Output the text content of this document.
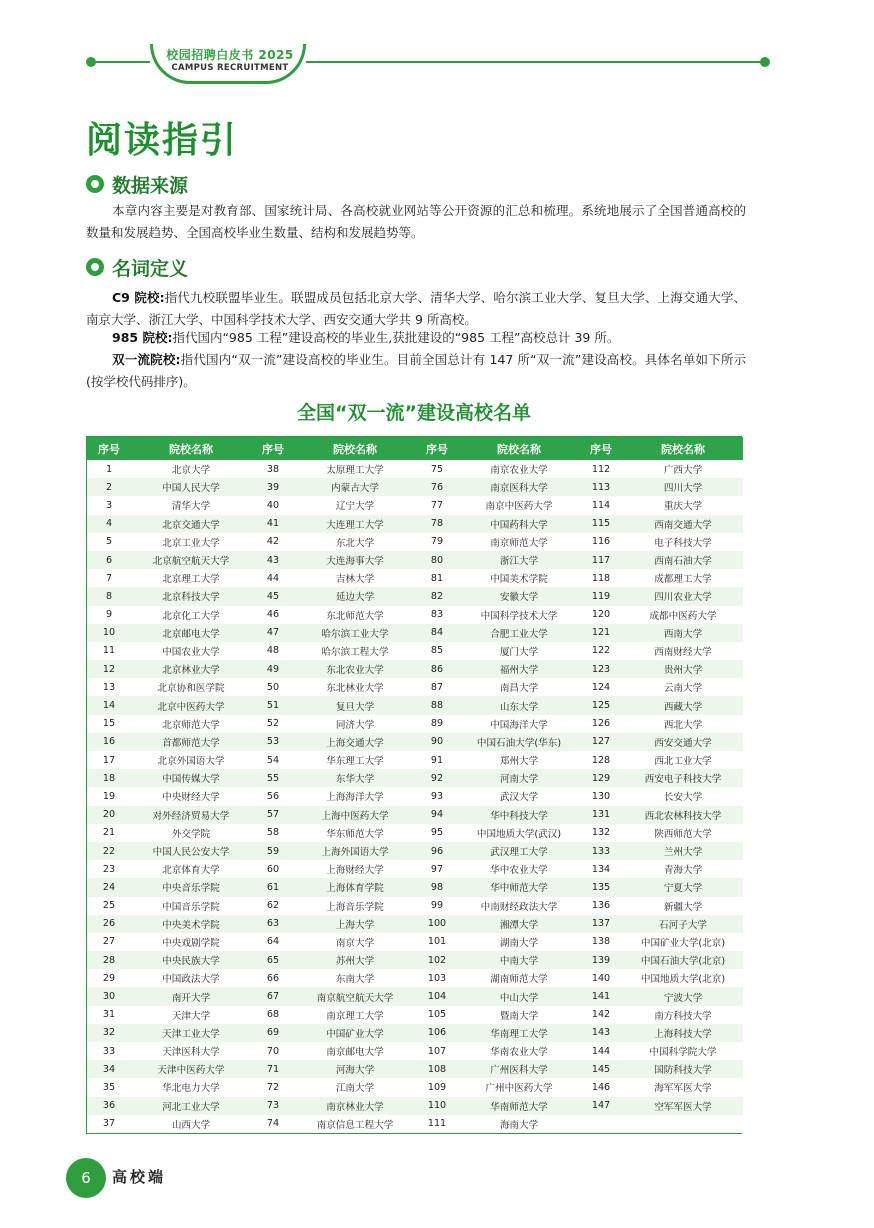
校园招聘白皮书 2025
CAMPUS RECRUITMENT
阅读指引
数据来源
本章内容主要是对教育部、国家统计局、各高校就业网站等公开资源的汇总和梳理。系统地展示了全国普通高校的数量和发展趋势、全国高校毕业生数量、结构和发展趋势等。
名词定义
C9 院校:指代九校联盟毕业生。联盟成员包括北京大学、清华大学、哈尔滨工业大学、复旦大学、上海交通大学、南京大学、浙江大学、中国科学技术大学、西安交通大学共 9 所高校。
985 院校:指代国内“985 工程”建设高校的毕业生,获批建设的“985 工程”高校总计 39 所。
双一流院校:指代国内“双一流”建设高校的毕业生。目前全国总计有 147 所“双一流”建设高校。具体名单如下所示(按学校代码排序)。
全国“双一流”建设高校名单
序号	院校名称	序号	院校名称	序号	院校名称	序号	院校名称
1	北京大学	38	太原理工大学	75	南京农业大学	112	广西大学
2	中国人民大学	39	内蒙古大学	76	南京医科大学	113	四川大学
3	清华大学	40	辽宁大学	77	南京中医药大学	114	重庆大学
4	北京交通大学	41	大连理工大学	78	中国药科大学	115	西南交通大学
5	北京工业大学	42	东北大学	79	南京师范大学	116	电子科技大学
6	北京航空航天大学	43	大连海事大学	80	浙江大学	117	西南石油大学
7	北京理工大学	44	吉林大学	81	中国美术学院	118	成都理工大学
8	北京科技大学	45	延边大学	82	安徽大学	119	四川农业大学
9	北京化工大学	46	东北师范大学	83	中国科学技术大学	120	成都中医药大学
10	北京邮电大学	47	哈尔滨工业大学	84	合肥工业大学	121	西南大学
11	中国农业大学	48	哈尔滨工程大学	85	厦门大学	122	西南财经大学
12	北京林业大学	49	东北农业大学	86	福州大学	123	贵州大学
13	北京协和医学院	50	东北林业大学	87	南昌大学	124	云南大学
14	北京中医药大学	51	复旦大学	88	山东大学	125	西藏大学
15	北京师范大学	52	同济大学	89	中国海洋大学	126	西北大学
16	首都师范大学	53	上海交通大学	90	中国石油大学(华东)	127	西安交通大学
17	北京外国语大学	54	华东理工大学	91	郑州大学	128	西北工业大学
18	中国传媒大学	55	东华大学	92	河南大学	129	西安电子科技大学
19	中央财经大学	56	上海海洋大学	93	武汉大学	130	长安大学
20	对外经济贸易大学	57	上海中医药大学	94	华中科技大学	131	西北农林科技大学
21	外交学院	58	华东师范大学	95	中国地质大学(武汉)	132	陕西师范大学
22	中国人民公安大学	59	上海外国语大学	96	武汉理工大学	133	兰州大学
23	北京体育大学	60	上海财经大学	97	华中农业大学	134	青海大学
24	中央音乐学院	61	上海体育学院	98	华中师范大学	135	宁夏大学
25	中国音乐学院	62	上海音乐学院	99	中南财经政法大学	136	新疆大学
26	中央美术学院	63	上海大学	100	湘潭大学	137	石河子大学
27	中央戏剧学院	64	南京大学	101	湖南大学	138	中国矿业大学(北京)
28	中央民族大学	65	苏州大学	102	中南大学	139	中国石油大学(北京)
29	中国政法大学	66	东南大学	103	湖南师范大学	140	中国地质大学(北京)
30	南开大学	67	南京航空航天大学	104	中山大学	141	宁波大学
31	天津大学	68	南京理工大学	105	暨南大学	142	南方科技大学
32	天津工业大学	69	中国矿业大学	106	华南理工大学	143	上海科技大学
33	天津医科大学	70	南京邮电大学	107	华南农业大学	144	中国科学院大学
34	天津中医药大学	71	河海大学	108	广州医科大学	145	国防科技大学
35	华北电力大学	72	江南大学	109	广州中医药大学	146	海军军医大学
36	河北工业大学	73	南京林业大学	110	华南师范大学	147	空军军医大学
37	山西大学	74	南京信息工程大学	111	海南大学		
6	高校端
